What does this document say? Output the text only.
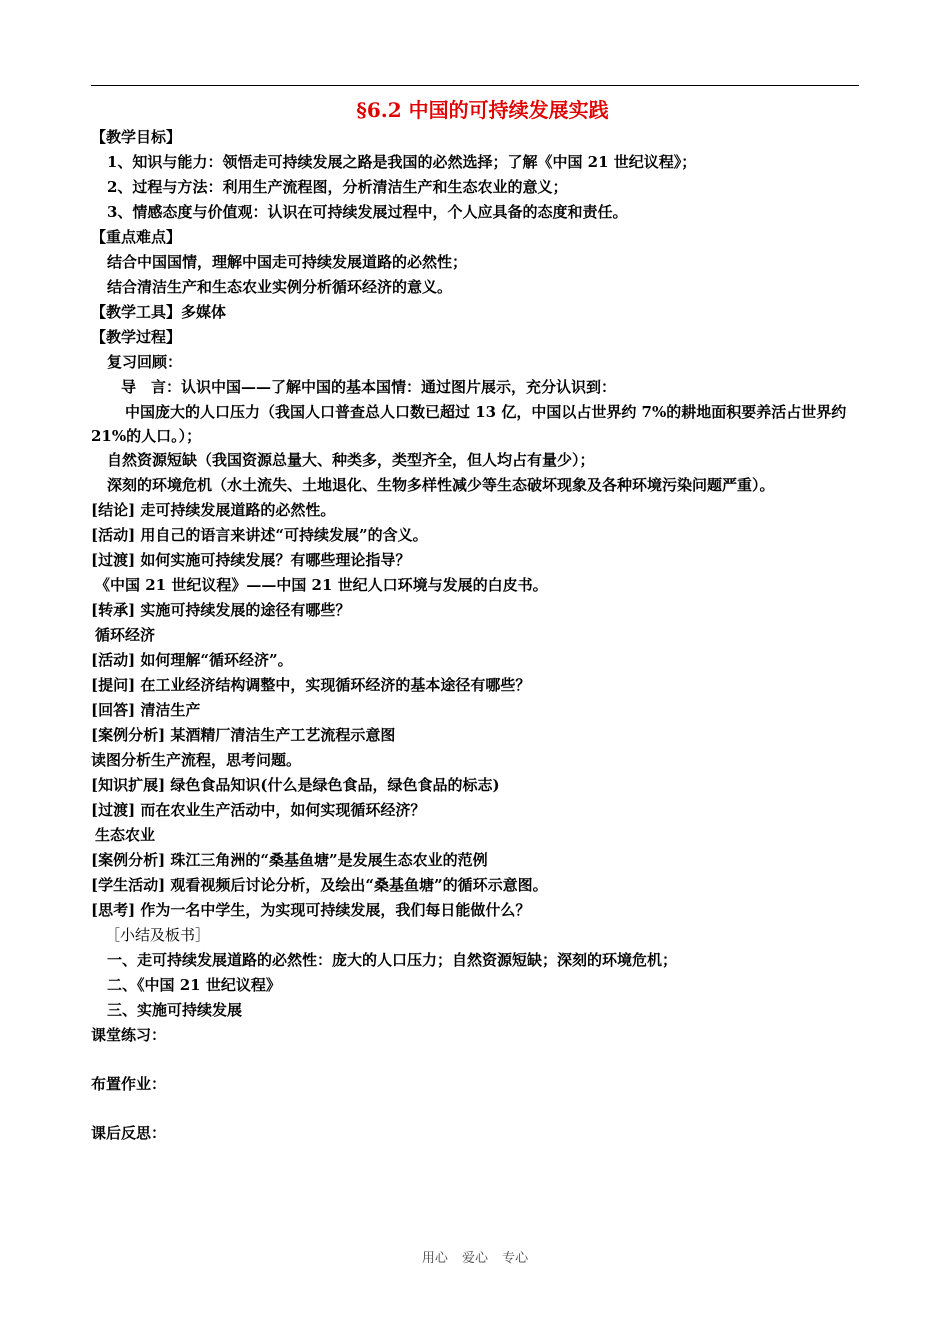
§6.2 中国的可持续发展实践
【教学目标】
1、知识与能力：领悟走可持续发展之路是我国的必然选择；了解《中国 21 世纪议程》；
2、过程与方法：利用生产流程图，分析清洁生产和生态农业的意义；
3、情感态度与价值观：认识在可持续发展过程中，个人应具备的态度和责任。
【重点难点】
结合中国国情，理解中国走可持续发展道路的必然性；
结合清洁生产和生态农业实例分析循环经济的意义。
【教学工具】多媒体
【教学过程】
复习回顾：
导　言：认识中国——了解中国的基本国情：通过图片展示，充分认识到：
中国庞大的人口压力（我国人口普查总人口数已超过 13 亿，中国以占世界约 7%的耕地面积要养活占世界约 21%的人口。）；
自然资源短缺（我国资源总量大、种类多，类型齐全，但人均占有量少）；
深刻的环境危机（水土流失、土地退化、生物多样性减少等生态破坏现象及各种环境污染问题严重）。
[结论] 走可持续发展道路的必然性。
[活动] 用自己的语言来讲述“可持续发展”的含义。
[过渡] 如何实施可持续发展？有哪些理论指导？
《中国 21 世纪议程》——中国 21 世纪人口环境与发展的白皮书。
[转承] 实施可持续发展的途径有哪些？
循环经济
[活动] 如何理解“循环经济”。
[提问] 在工业经济结构调整中，实现循环经济的基本途径有哪些？
[回答] 清洁生产
[案例分析] 某酒精厂清洁生产工艺流程示意图
读图分析生产流程，思考问题。
[知识扩展] 绿色食品知识(什么是绿色食品，绿色食品的标志)
[过渡] 而在农业生产活动中，如何实现循环经济？
生态农业
[案例分析] 珠江三角洲的“桑基鱼塘”是发展生态农业的范例
[学生活动] 观看视频后讨论分析，及绘出“桑基鱼塘”的循环示意图。
[思考] 作为一名中学生，为实现可持续发展，我们每日能做什么？
［小结及板书］
一、走可持续发展道路的必然性：庞大的人口压力；自然资源短缺；深刻的环境危机；
二、《中国 21 世纪议程》
三、实施可持续发展
课堂练习：
布置作业：
课后反思：
用心 爱心 专心
